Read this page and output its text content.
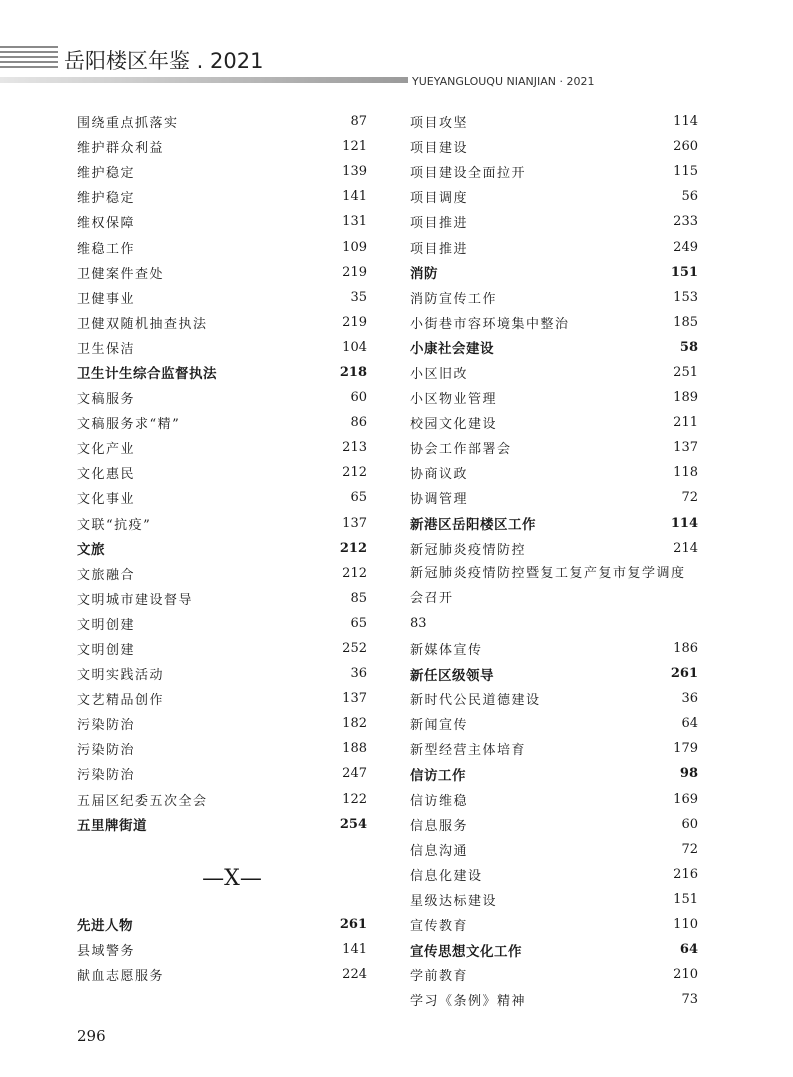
岳阳楼区年鉴 . 2021
YUEYANGLOUQU NIANJIAN · 2021
围绕重点抓落实	87
维护群众利益	121
维护稳定	139
维护稳定	141
维权保障	131
维稳工作	109
卫健案件查处	219
卫健事业	35
卫健双随机抽查执法	219
卫生保洁	104
卫生计生综合监督执法	218
文稿服务	60
文稿服务求“精”	86
文化产业	213
文化惠民	212
文化事业	65
文联“抗疫”	137
文旅	212
文旅融合	212
文明城市建设督导	85
文明创建	65
文明创建	252
文明实践活动	36
文艺精品创作	137
污染防治	182
污染防治	188
污染防治	247
五届区纪委五次全会	122
五里牌街道	254
—X—
先进人物	261
县域警务	141
献血志愿服务	224
项目攻坚	114
项目建设	260
项目建设全面拉开	115
项目调度	56
项目推进	233
项目推进	249
消防	151
消防宣传工作	153
小街巷市容环境集中整治	185
小康社会建设	58
小区旧改	251
小区物业管理	189
校园文化建设	211
协会工作部署会	137
协商议政	118
协调管理	72
新港区岳阳楼区工作	114
新冠肺炎疫情防控	214
新冠肺炎疫情防控暨复工复产复市复学调度会召开
83
新媒体宣传	186
新任区级领导	261
新时代公民道德建设	36
新闻宣传	64
新型经营主体培育	179
信访工作	98
信访维稳	169
信息服务	60
信息沟通	72
信息化建设	216
星级达标建设	151
宣传教育	110
宣传思想文化工作	64
学前教育	210
学习《条例》精神	73
296
